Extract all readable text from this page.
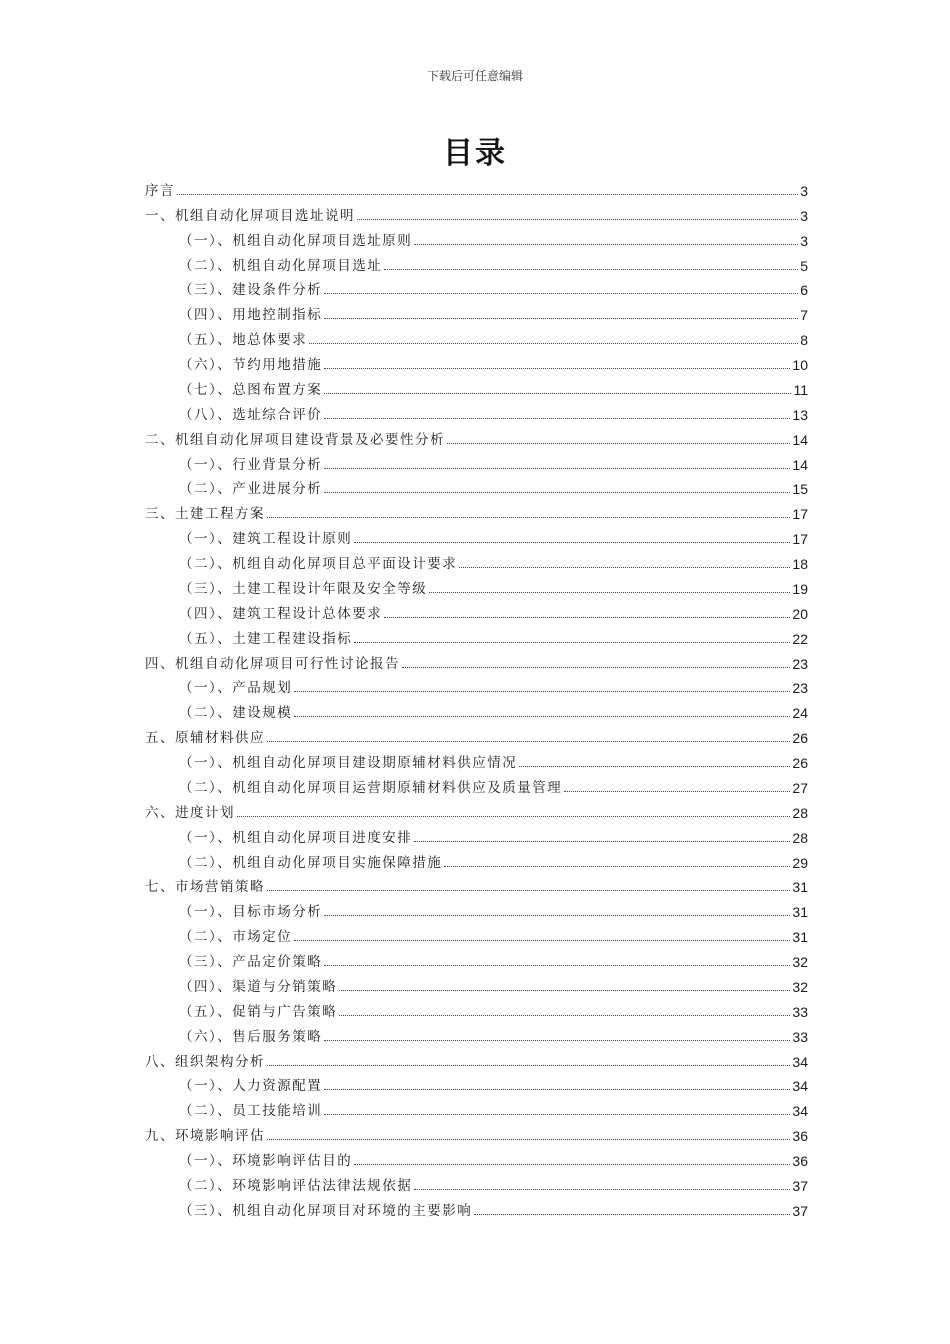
下载后可任意编辑
目录
序言	3
一、机组自动化屏项目选址说明	3
（一）、机组自动化屏项目选址原则	3
（二）、机组自动化屏项目选址	5
（三）、建设条件分析	6
（四）、用地控制指标	7
（五）、地总体要求	8
（六）、节约用地措施	10
（七）、总图布置方案	11
（八）、选址综合评价	13
二、机组自动化屏项目建设背景及必要性分析	14
（一）、行业背景分析	14
（二）、产业进展分析	15
三、土建工程方案	17
（一）、建筑工程设计原则	17
（二）、机组自动化屏项目总平面设计要求	18
（三）、土建工程设计年限及安全等级	19
（四）、建筑工程设计总体要求	20
（五）、土建工程建设指标	22
四、机组自动化屏项目可行性讨论报告	23
（一）、产品规划	23
（二）、建设规模	24
五、原辅材料供应	26
（一）、机组自动化屏项目建设期原辅材料供应情况	26
（二）、机组自动化屏项目运营期原辅材料供应及质量管理	27
六、进度计划	28
（一）、机组自动化屏项目进度安排	28
（二）、机组自动化屏项目实施保障措施	29
七、市场营销策略	31
（一）、目标市场分析	31
（二）、市场定位	31
（三）、产品定价策略	32
（四）、渠道与分销策略	32
（五）、促销与广告策略	33
（六）、售后服务策略	33
八、组织架构分析	34
（一）、人力资源配置	34
（二）、员工技能培训	34
九、环境影响评估	36
（一）、环境影响评估目的	36
（二）、环境影响评估法律法规依据	37
（三）、机组自动化屏项目对环境的主要影响	37
